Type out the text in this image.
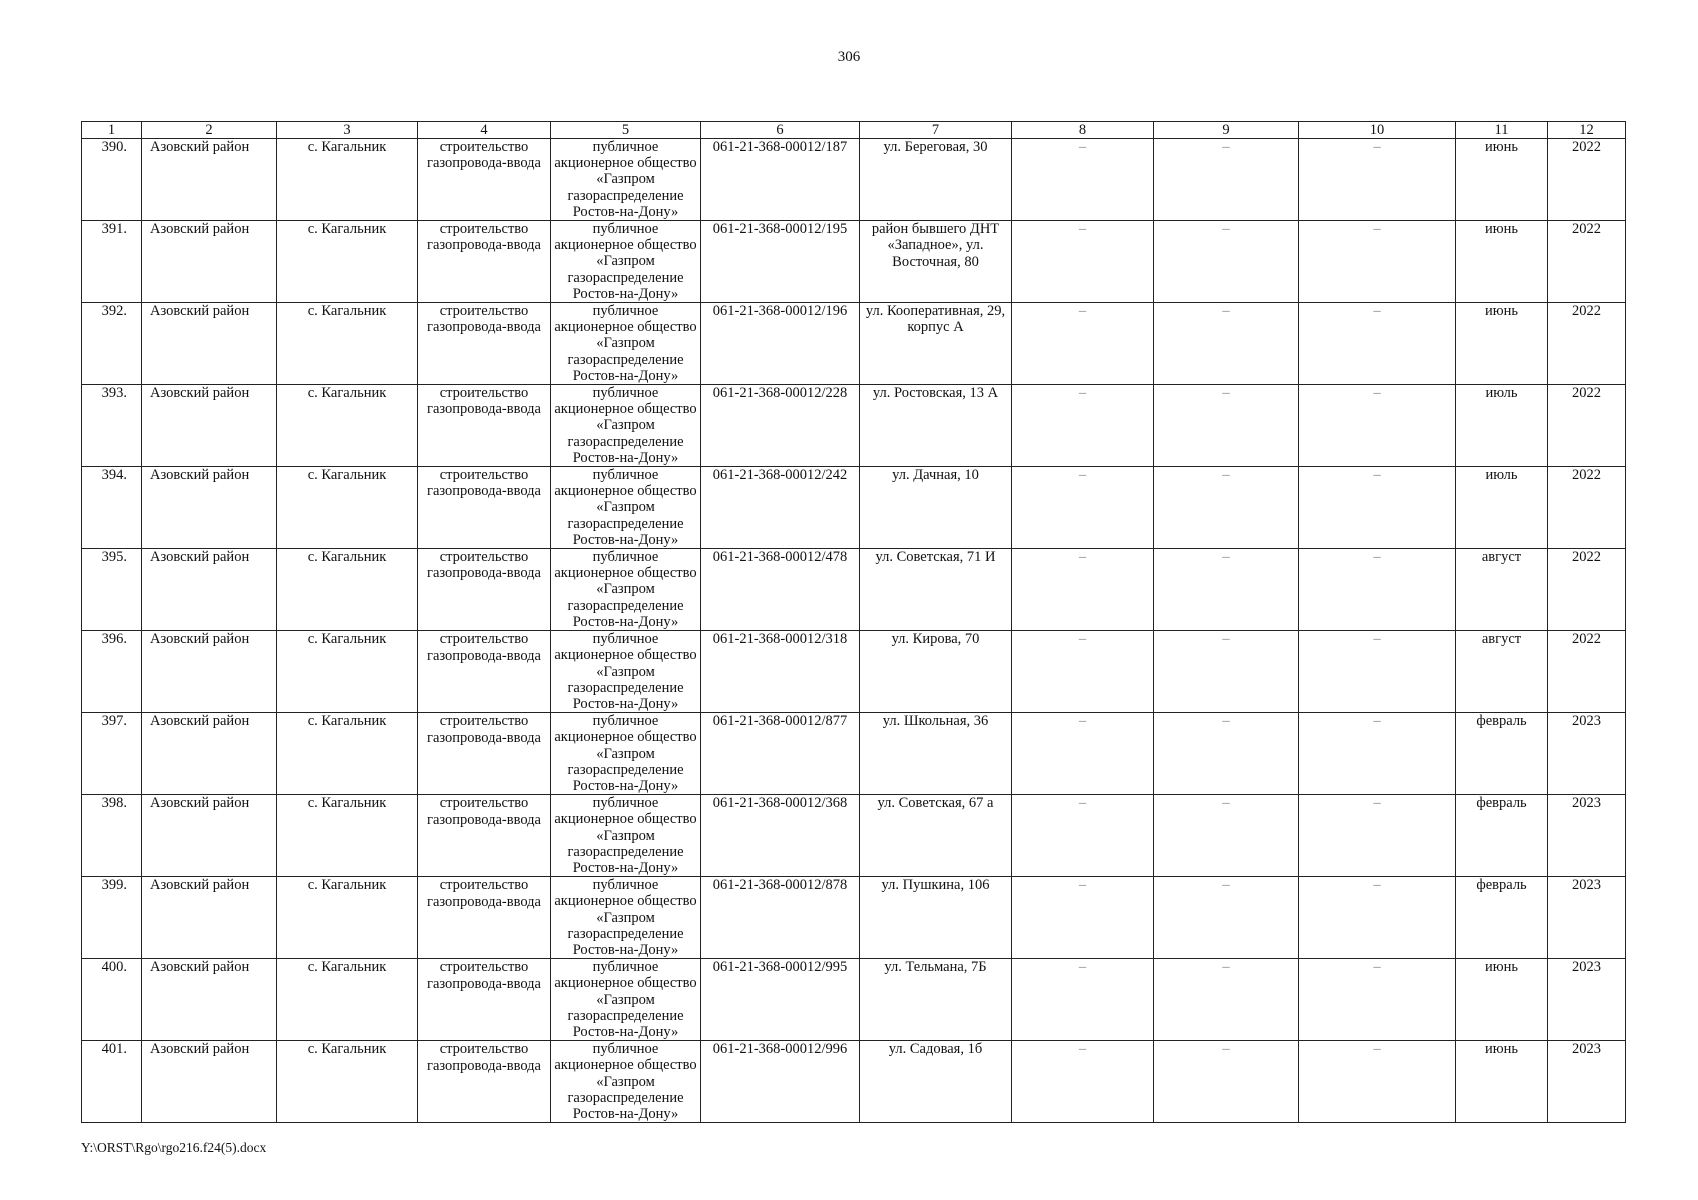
306
1	2	3	4	5	6	7	8	9	10	11	12
390.	Азовский район	с. Кагальник	строительство газопровода-ввода	публичное акционерное общество «Газпром газораспределение Ростов-на-Дону»	061-21-368-00012/187	ул. Береговая, 30	–	–	–	июнь	2022
391.	Азовский район	с. Кагальник	строительство газопровода-ввода	публичное акционерное общество «Газпром газораспределение Ростов-на-Дону»	061-21-368-00012/195	район бывшего ДНТ «Западное», ул. Восточная, 80	–	–	–	июнь	2022
392.	Азовский район	с. Кагальник	строительство газопровода-ввода	публичное акционерное общество «Газпром газораспределение Ростов-на-Дону»	061-21-368-00012/196	ул. Кооперативная, 29, корпус А	–	–	–	июнь	2022
393.	Азовский район	с. Кагальник	строительство газопровода-ввода	публичное акционерное общество «Газпром газораспределение Ростов-на-Дону»	061-21-368-00012/228	ул. Ростовская, 13 А	–	–	–	июль	2022
394.	Азовский район	с. Кагальник	строительство газопровода-ввода	публичное акционерное общество «Газпром газораспределение Ростов-на-Дону»	061-21-368-00012/242	ул. Дачная, 10	–	–	–	июль	2022
395.	Азовский район	с. Кагальник	строительство газопровода-ввода	публичное акционерное общество «Газпром газораспределение Ростов-на-Дону»	061-21-368-00012/478	ул. Советская, 71 И	–	–	–	август	2022
396.	Азовский район	с. Кагальник	строительство газопровода-ввода	публичное акционерное общество «Газпром газораспределение Ростов-на-Дону»	061-21-368-00012/318	ул. Кирова, 70	–	–	–	август	2022
397.	Азовский район	с. Кагальник	строительство газопровода-ввода	публичное акционерное общество «Газпром газораспределение Ростов-на-Дону»	061-21-368-00012/877	ул. Школьная, 36	–	–	–	февраль	2023
398.	Азовский район	с. Кагальник	строительство газопровода-ввода	публичное акционерное общество «Газпром газораспределение Ростов-на-Дону»	061-21-368-00012/368	ул. Советская, 67 а	–	–	–	февраль	2023
399.	Азовский район	с. Кагальник	строительство газопровода-ввода	публичное акционерное общество «Газпром газораспределение Ростов-на-Дону»	061-21-368-00012/878	ул. Пушкина, 106	–	–	–	февраль	2023
400.	Азовский район	с. Кагальник	строительство газопровода-ввода	публичное акционерное общество «Газпром газораспределение Ростов-на-Дону»	061-21-368-00012/995	ул. Тельмана, 7Б	–	–	–	июнь	2023
401.	Азовский район	с. Кагальник	строительство газопровода-ввода	публичное акционерное общество «Газпром газораспределение Ростов-на-Дону»	061-21-368-00012/996	ул. Садовая, 1б	–	–	–	июнь	2023
Y:\ORST\Rgo\rgo216.f24(5).docx
